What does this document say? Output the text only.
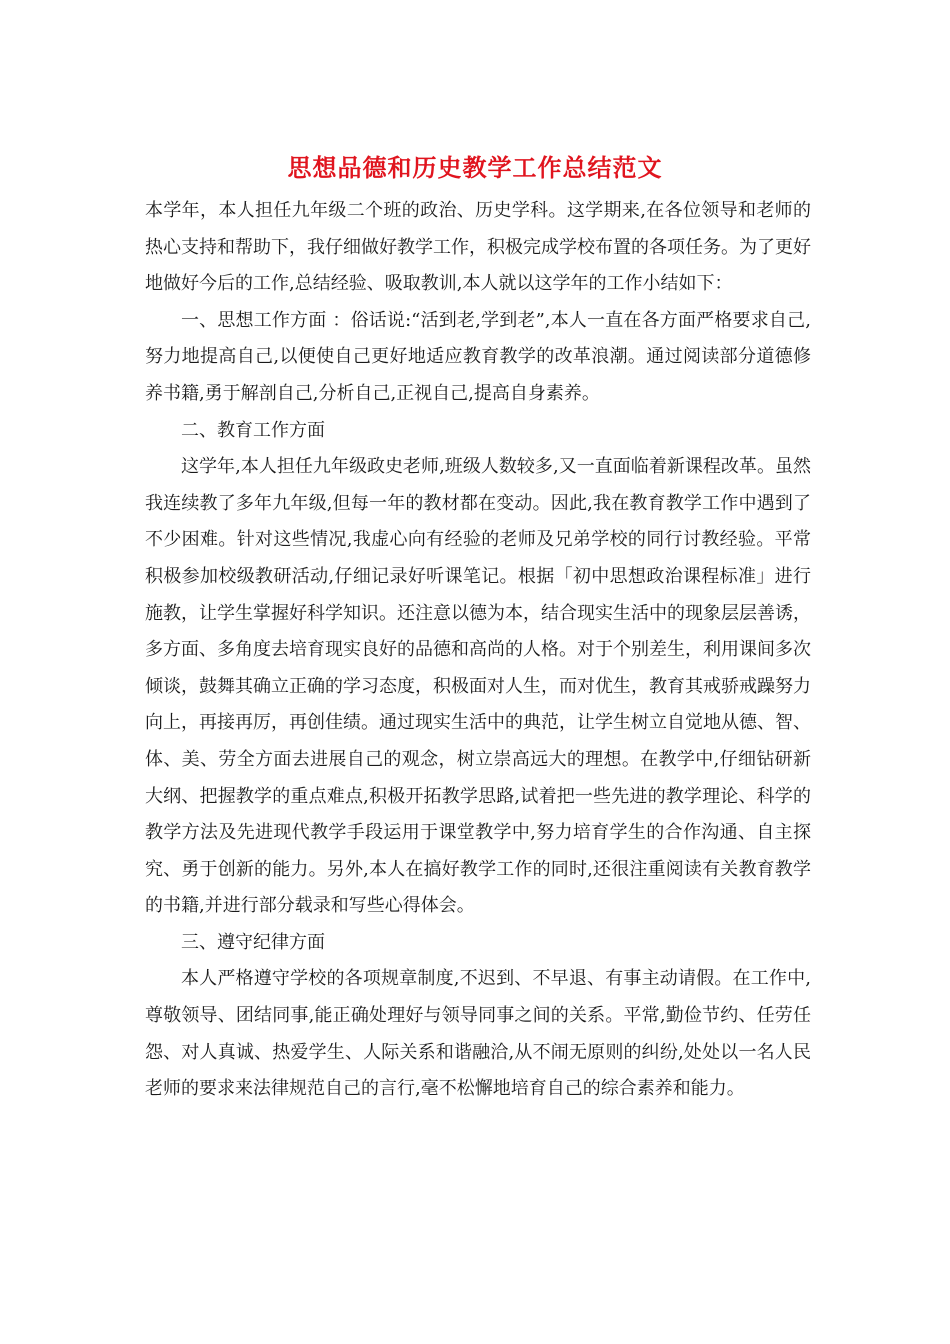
思想品德和历史教学工作总结范文

本学年，本人担任九年级二个班的政治、历史学科。这学期来,在各位领导和老师的热心支持和帮助下，我仔细做好教学工作，积极完成学校布置的各项任务。为了更好地做好今后的工作,总结经验、吸取教训,本人就以这学年的工作小结如下：

一、思想工作方面 ：俗话说:“活到老,学到老”,本人一直在各方面严格要求自己,努力地提高自己,以便使自己更好地适应教育教学的改革浪潮。通过阅读部分道德修养书籍,勇于解剖自己,分析自己,正视自己,提高自身素养。

二、教育工作方面

这学年,本人担任九年级政史老师,班级人数较多,又一直面临着新课程改革。虽然我连续教了多年九年级,但每一年的教材都在变动。因此,我在教育教学工作中遇到了不少困难。针对这些情况,我虚心向有经验的老师及兄弟学校的同行讨教经验。平常积极参加校级教研活动,仔细记录好听课笔记。根据「初中思想政治课程标准」进行施教，让学生掌握好科学知识。还注意以德为本，结合现实生活中的现象层层善诱，多方面、多角度去培育现实良好的品德和高尚的人格。对于个别差生，利用课间多次倾谈，鼓舞其确立正确的学习态度，积极面对人生，而对优生，教育其戒骄戒躁努力向上，再接再厉，再创佳绩。通过现实生活中的典范，让学生树立自觉地从德、智、体、美、劳全方面去进展自己的观念，树立崇高远大的理想。在教学中,仔细钻研新大纲、把握教学的重点难点,积极开拓教学思路,试着把一些先进的教学理论、科学的教学方法及先进现代教学手段运用于课堂教学中,努力培育学生的合作沟通、自主探究、勇于创新的能力。另外,本人在搞好教学工作的同时,还很注重阅读有关教育教学的书籍,并进行部分载录和写些心得体会。

三、遵守纪律方面

本人严格遵守学校的各项规章制度,不迟到、不早退、有事主动请假。在工作中,尊敬领导、团结同事,能正确处理好与领导同事之间的关系。平常,勤俭节约、任劳任怨、对人真诚、热爱学生、人际关系和谐融洽,从不闹无原则的纠纷,处处以一名人民老师的要求来法律规范自己的言行,毫不松懈地培育自己的综合素养和能力。
